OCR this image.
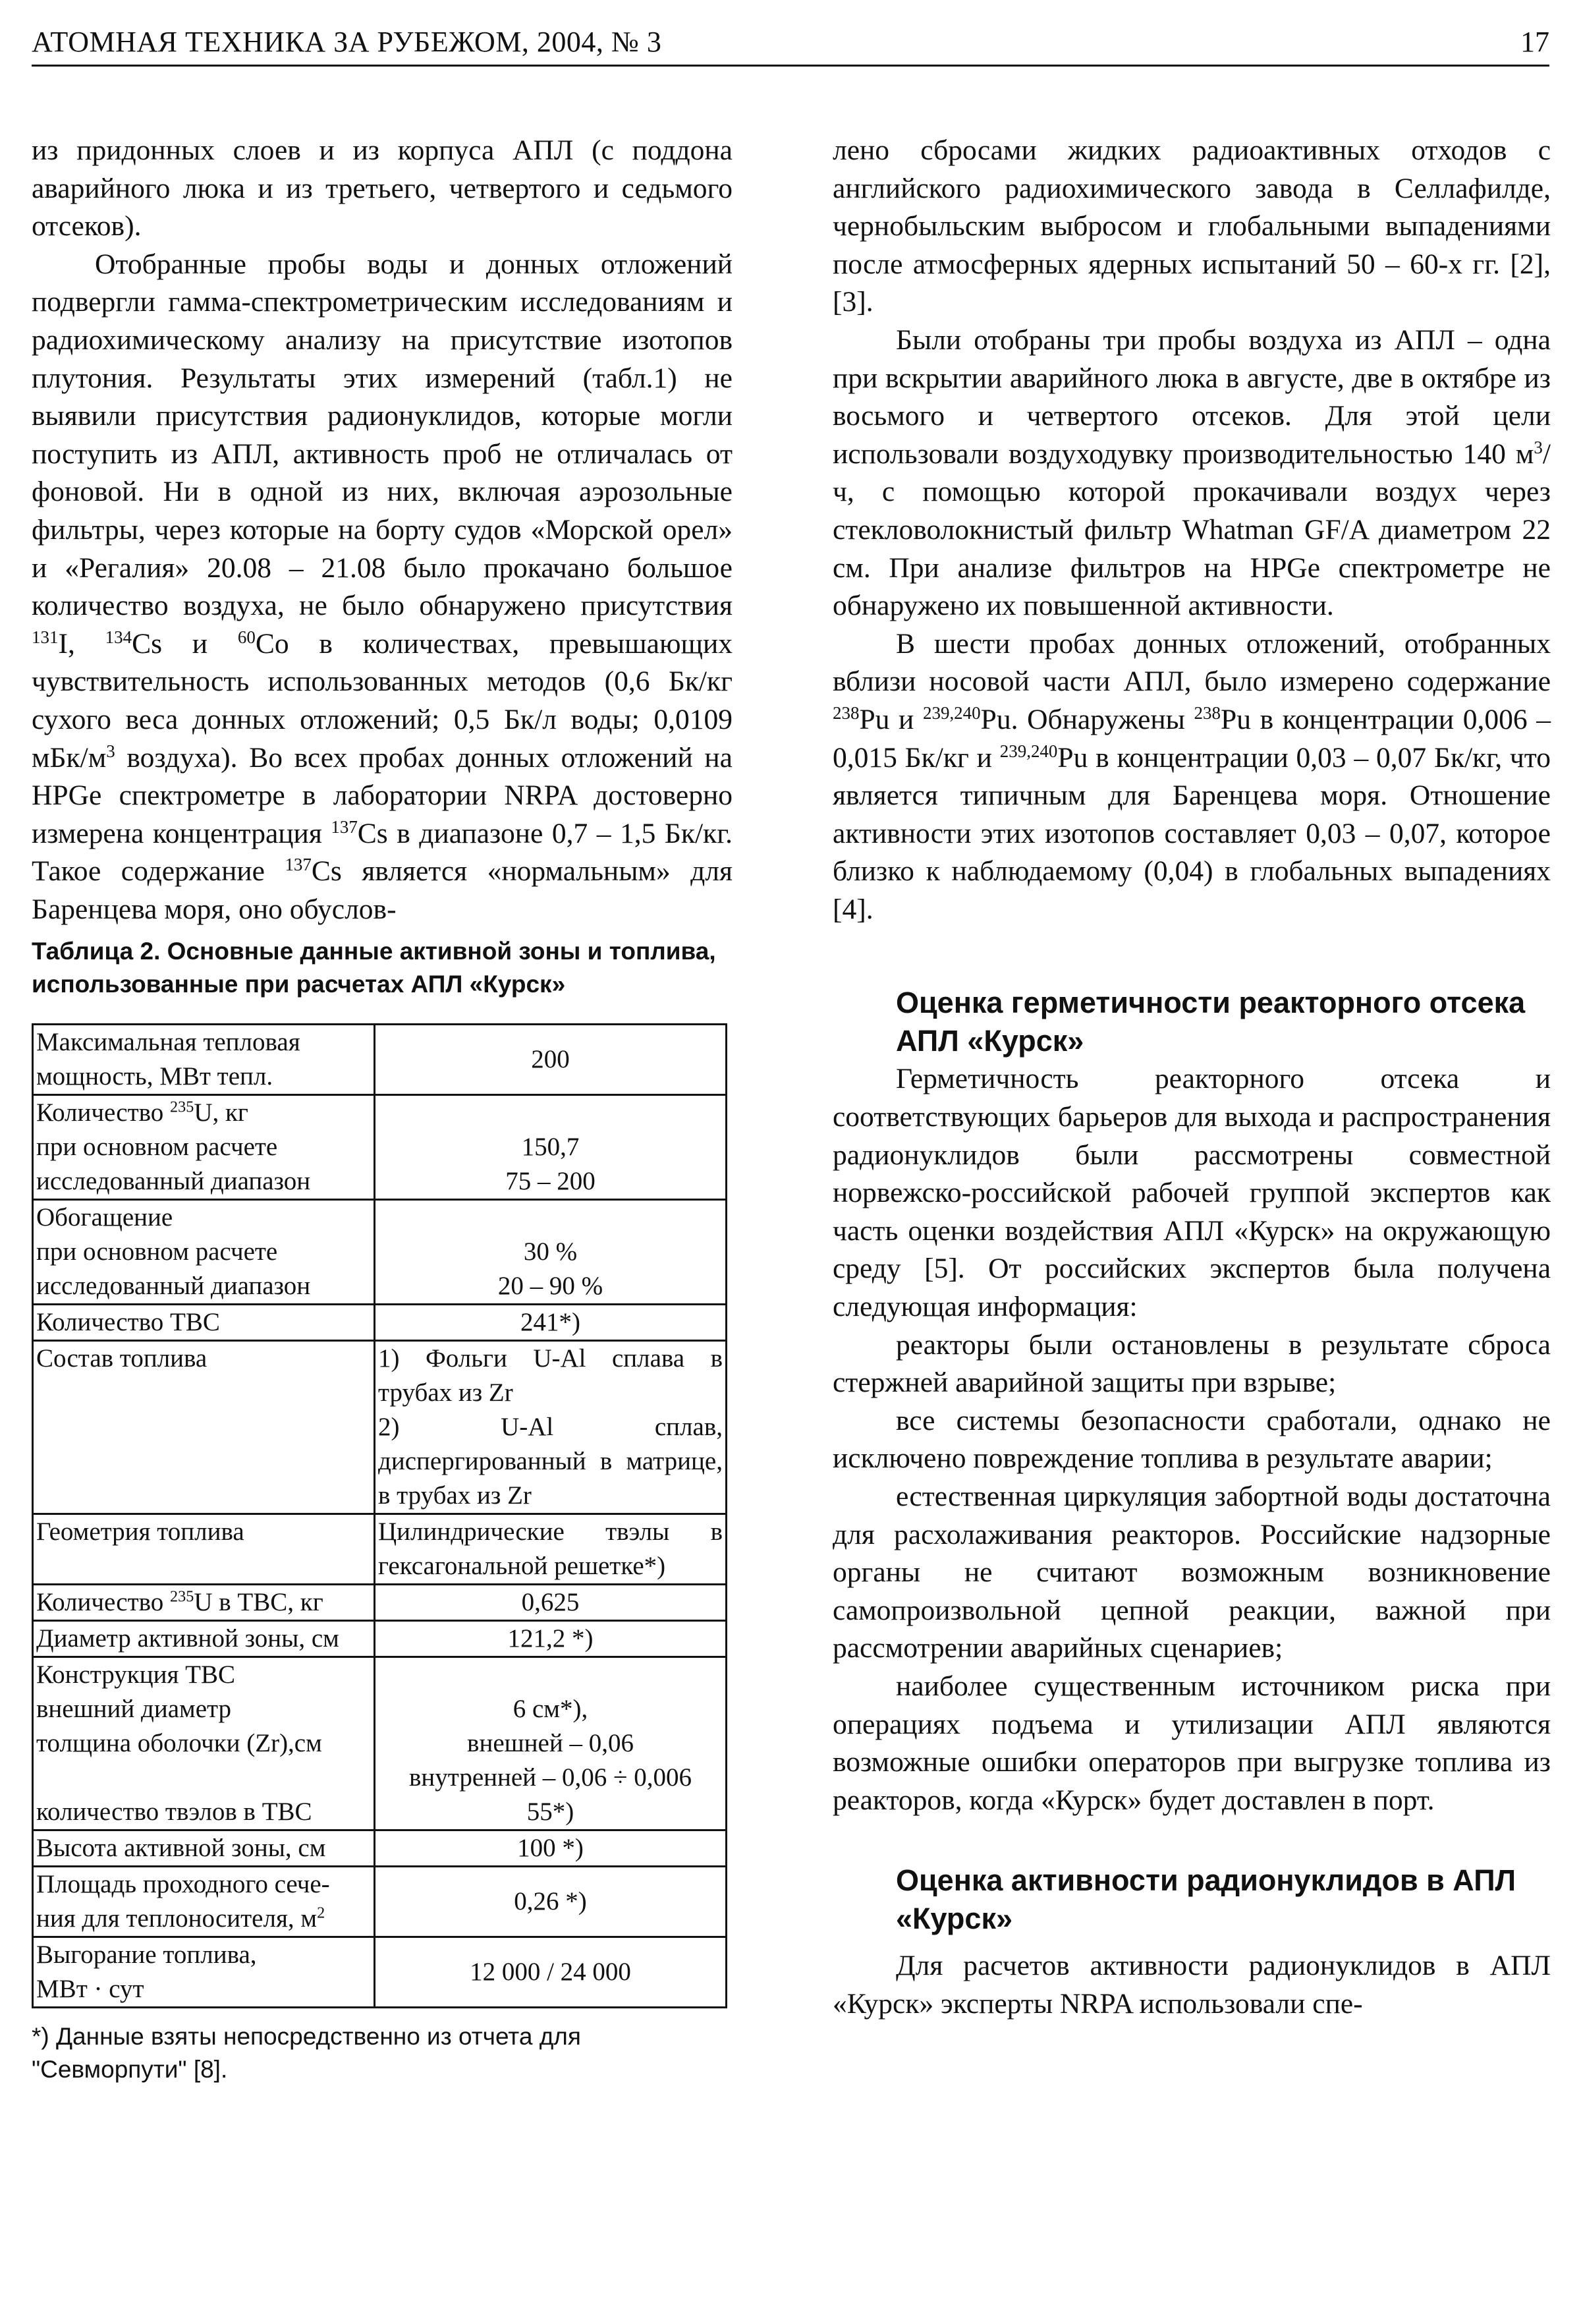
АТОМНАЯ ТЕХНИКА ЗА РУБЕЖОМ, 2004, № 3	17

из придонных слоев и из корпуса АПЛ (с поддона аварийного люка и из третьего, четвертого и седьмого отсеков).

Отобранные пробы воды и донных отложений подвергли гамма-спектрометрическим исследованиям и радиохимическому анализу на присутствие изотопов плутония. Результаты этих измерений (табл.1) не выявили присутствия радионуклидов, которые могли поступить из АПЛ, активность проб не отличалась от фоновой. Ни в одной из них, включая аэрозольные фильтры, через которые на борту судов «Морской орел» и «Регалия» 20.08 – 21.08 было прокачано большое количество воздуха, не было обнаружено присутствия $^{131}$I, $^{134}$Cs и $^{60}$Co в количествах, превышающих чувствительность использованных методов (0,6 Бк/кг сухого веса донных отложений; 0,5 Бк/л воды; 0,0109 мБк/$м^3$ воздуха). Во всех пробах донных отложений на HPGe спектрометре в лаборатории NRPA достоверно измерена концентрация $^{137}$Cs в диапазоне 0,7 – 1,5 Бк/кг. Такое содержание $^{137}$Cs является «нормальным» для Баренцева моря, оно обуслов-

Таблица 2. Основные данные активной зоны и топлива, использованные при расчетах АПЛ «Курск»
Максимальная тепловая
мощность, МВт тепл.	200

Количество $^{235}$U, кг
при основном расчете
исследованный диапазон	150,7
75 – 200

Обогащение
при основном расчете
исследованный диапазон	30 %
20 – 90 %

Количество ТВС	241*)
Состав топлива	1) Фольги U-Al сплава в трубах из Zr
2) U-Al сплав, диспергированный в матрице, в трубах из Zr

Геометрия топлива	Цилиндрические твэлы в гексагональной решетке*)
Количество $^{235}$U в ТВС, кг	0,625
Диаметр активной зоны, см	121,2 *)
Конструкция ТВС
внешний диаметр
толщина оболочки (Zr),см

количество твэлов в ТВС	6 см*),
внешней – 0,06
внутренней – 0,06 ÷ 0,006
55*)

Высота активной зоны, см	100 *)
Площадь проходного сече-
ния для теплоносителя, $м^2$	0,26 *)

Выгорание топлива,
МВт · сут	12 000 / 24 000
*) Данные взяты непосредственно из отчета для "Севморпути" [8].

лено сбросами жидких радиоактивных отходов с английского радиохимического завода в Селлафилде, чернобыльским выбросом и глобальными выпадениями после атмосферных ядерных испытаний 50 – 60-х гг. [2], [3].

Были отобраны три пробы воздуха из АПЛ – одна при вскрытии аварийного люка в августе, две в октябре из восьмого и четвертого отсеков. Для этой цели использовали воздуходувку производительностью 140 $м^3/ч$, с помощью которой прокачивали воздух через стекловолокнистый фильтр Whatman GF/A диаметром 22 см. При анализе фильтров на HPGe спектрометре не обнаружено их повышенной активности.

В шести пробах донных отложений, отобранных вблизи носовой части АПЛ, было измерено содержание $^{238}$Pu и $^{239,240}$Pu. Обнаружены $^{238}$Pu в концентрации 0,006 – 0,015 Бк/кг и $^{239,240}$Pu в концентрации 0,03 – 0,07 Бк/кг, что является типичным для Баренцева моря. Отношение активности этих изотопов составляет 0,03 – 0,07, которое близко к наблюдаемому (0,04) в глобальных выпадениях [4].

Оценка герметичности реакторного отсека АПЛ «Курск»

Герметичность реакторного отсека и соответствующих барьеров для выхода и распространения радионуклидов были рассмотрены совместной норвежско-российской рабочей группой экспертов как часть оценки воздействия АПЛ «Курск» на окружающую среду [5]. От российских экспертов была получена следующая информация:

реакторы были остановлены в результате сброса стержней аварийной защиты при взрыве;

все системы безопасности сработали, однако не исключено повреждение топлива в результате аварии;

естественная циркуляция забортной воды достаточна для расхолаживания реакторов. Российские надзорные органы не считают возможным возникновение самопроизвольной цепной реакции, важной при рассмотрении аварийных сценариев;

наиболее существенным источником риска при операциях подъема и утилизации АПЛ являются возможные ошибки операторов при выгрузке топлива из реакторов, когда «Курск» будет доставлен в порт.

Оценка активности радионуклидов в АПЛ «Курск»

Для расчетов активности радионуклидов в АПЛ «Курск» эксперты NRPA использовали спе-
